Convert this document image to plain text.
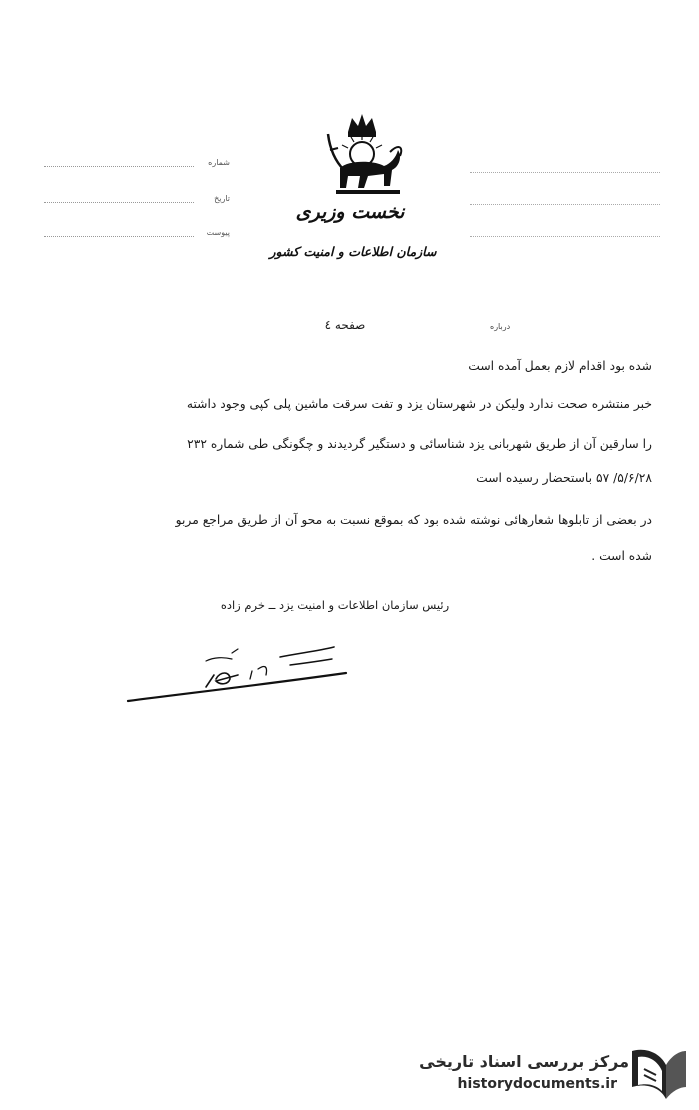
نخست وزیری
سازمان اطلاعات و امنیت کشور
شماره
تاریخ
پیوست
صفحه ٤	درباره
شده بود اقدام لازم بعمل آمده است
خبر منتشره صحت ندارد ولیکن در شهرستان یزد و تفت سرقت ماشین پلی کپی وجود داشته
را سارقین آن از طریق شهربانی یزد شناسائی و دستگیر گردیدند و چگونگی طی شماره ۲۳۲
۵/۶/۲۸/ ۵۷ باستحضار رسیده است
در بعضی از تابلوها شعارهائی نوشته شده بود که بموقع نسبت به محو آن از طریق مراجع مربو
شده است .
رئیس سازمان اطلاعات و امنیت یزد ــ خرم زاده
مرکز بررسی اسناد تاریخی
historydocuments.ir
